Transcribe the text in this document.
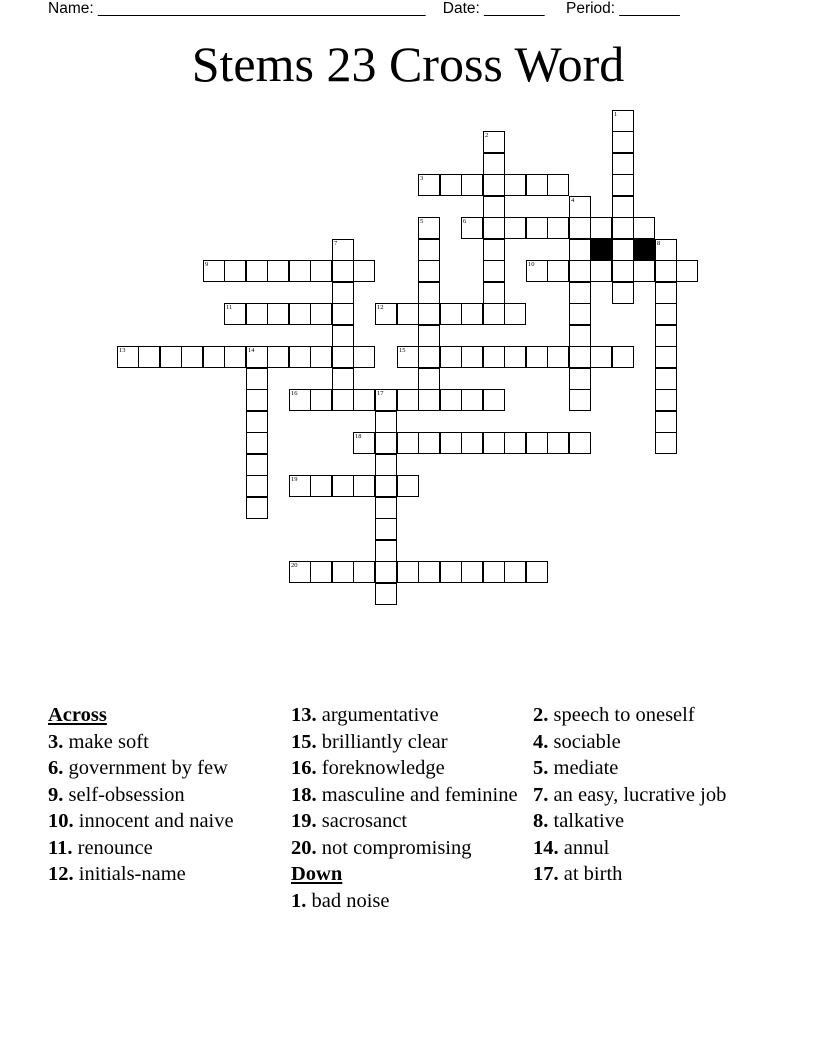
Name: ______________________________________    Date: _______     Period: _______
Stems 23 Cross Word
1
2
3
4
5	6
7	8
9	10
11	12
13	14	15
16	17
18
19
20
Across
3. make soft
6. government by few
9. self-obsession
10. innocent and naive
11. renounce
12. initials-name
13. argumentative
15. brilliantly clear
16. foreknowledge
18. masculine and feminine
19. sacrosanct
20. not compromising
Down
1. bad noise
2. speech to oneself
4. sociable
5. mediate
7. an easy, lucrative job
8. talkative
14. annul
17. at birth
